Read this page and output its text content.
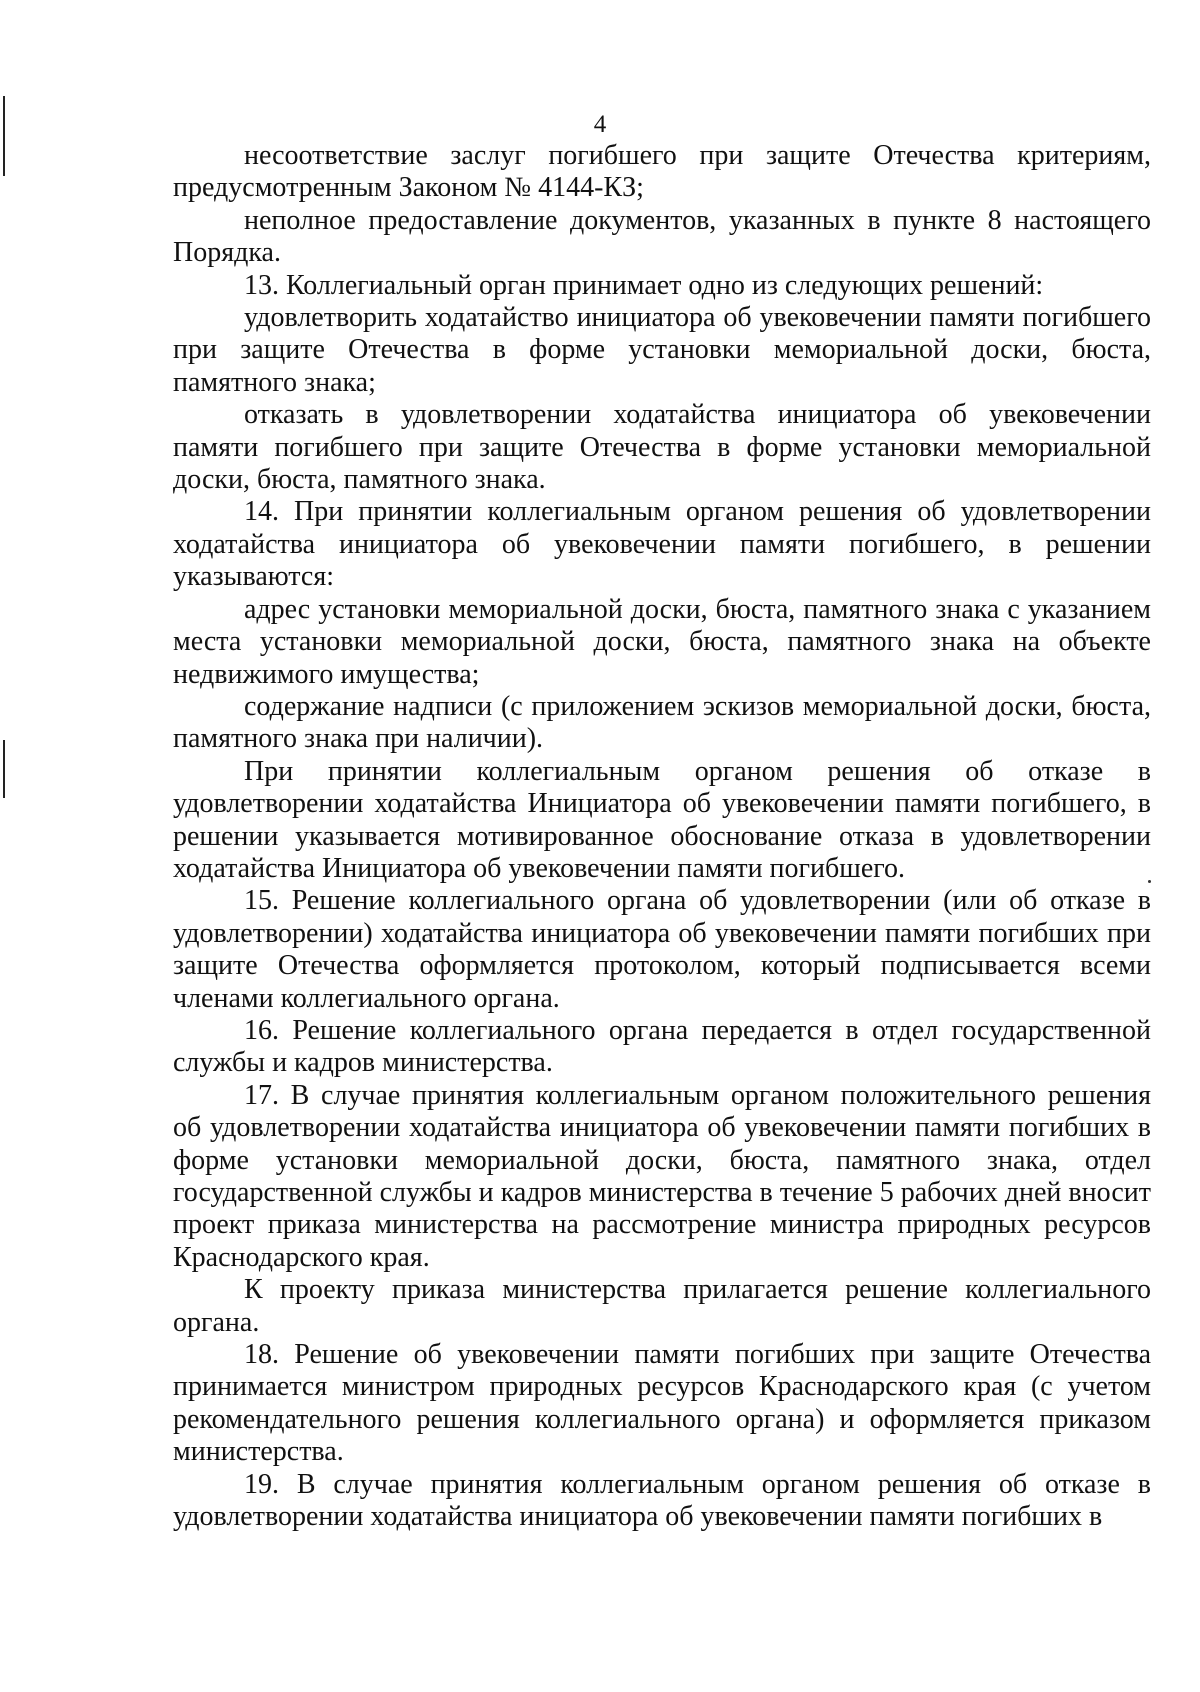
4

несоответствие заслуг погибшего при защите Отечества критериям, предусмотренным Законом № 4144-КЗ;

неполное предоставление документов, указанных в пункте 8 настоящего Порядка.

13. Коллегиальный орган принимает одно из следующих решений:

удовлетворить ходатайство инициатора об увековечении памяти погибшего при защите Отечества в форме установки мемориальной доски, бюста, памятного знака;

отказать в удовлетворении ходатайства инициатора об увековечении памяти погибшего при защите Отечества в форме установки мемориальной доски, бюста, памятного знака.

14. При принятии коллегиальным органом решения об удовлетворении ходатайства инициатора об увековечении памяти погибшего, в решении указываются:

адрес установки мемориальной доски, бюста, памятного знака с указанием места установки мемориальной доски, бюста, памятного знака на объекте недвижимого имущества;

содержание надписи (с приложением эскизов мемориальной доски, бюста, памятного знака при наличии).

При принятии коллегиальным органом решения об отказе в удовлетворении ходатайства Инициатора об увековечении памяти погибшего, в решении указывается мотивированное обоснование отказа в удовлетворении ходатайства Инициатора об увековечении памяти погибшего.

15. Решение коллегиального органа об удовлетворении (или об отказе в удовлетворении) ходатайства инициатора об увековечении памяти погибших при защите Отечества оформляется протоколом, который подписывается всеми членами коллегиального органа.

16. Решение коллегиального органа передается в отдел государственной службы и кадров министерства.

17. В случае принятия коллегиальным органом положительного решения об удовлетворении ходатайства инициатора об увековечении памяти погибших в форме установки мемориальной доски, бюста, памятного знака, отдел государственной службы и кадров министерства в течение 5 рабочих дней вносит проект приказа министерства на рассмотрение министра природных ресурсов Краснодарского края.

К проекту приказа министерства прилагается решение коллегиального органа.

18. Решение об увековечении памяти погибших при защите Отечества принимается министром природных ресурсов Краснодарского края (с учетом рекомендательного решения коллегиального органа) и оформляется приказом министерства.

19. В случае принятия коллегиальным органом решения об отказе в удовлетворении ходатайства инициатора об увековечении памяти погибших в
